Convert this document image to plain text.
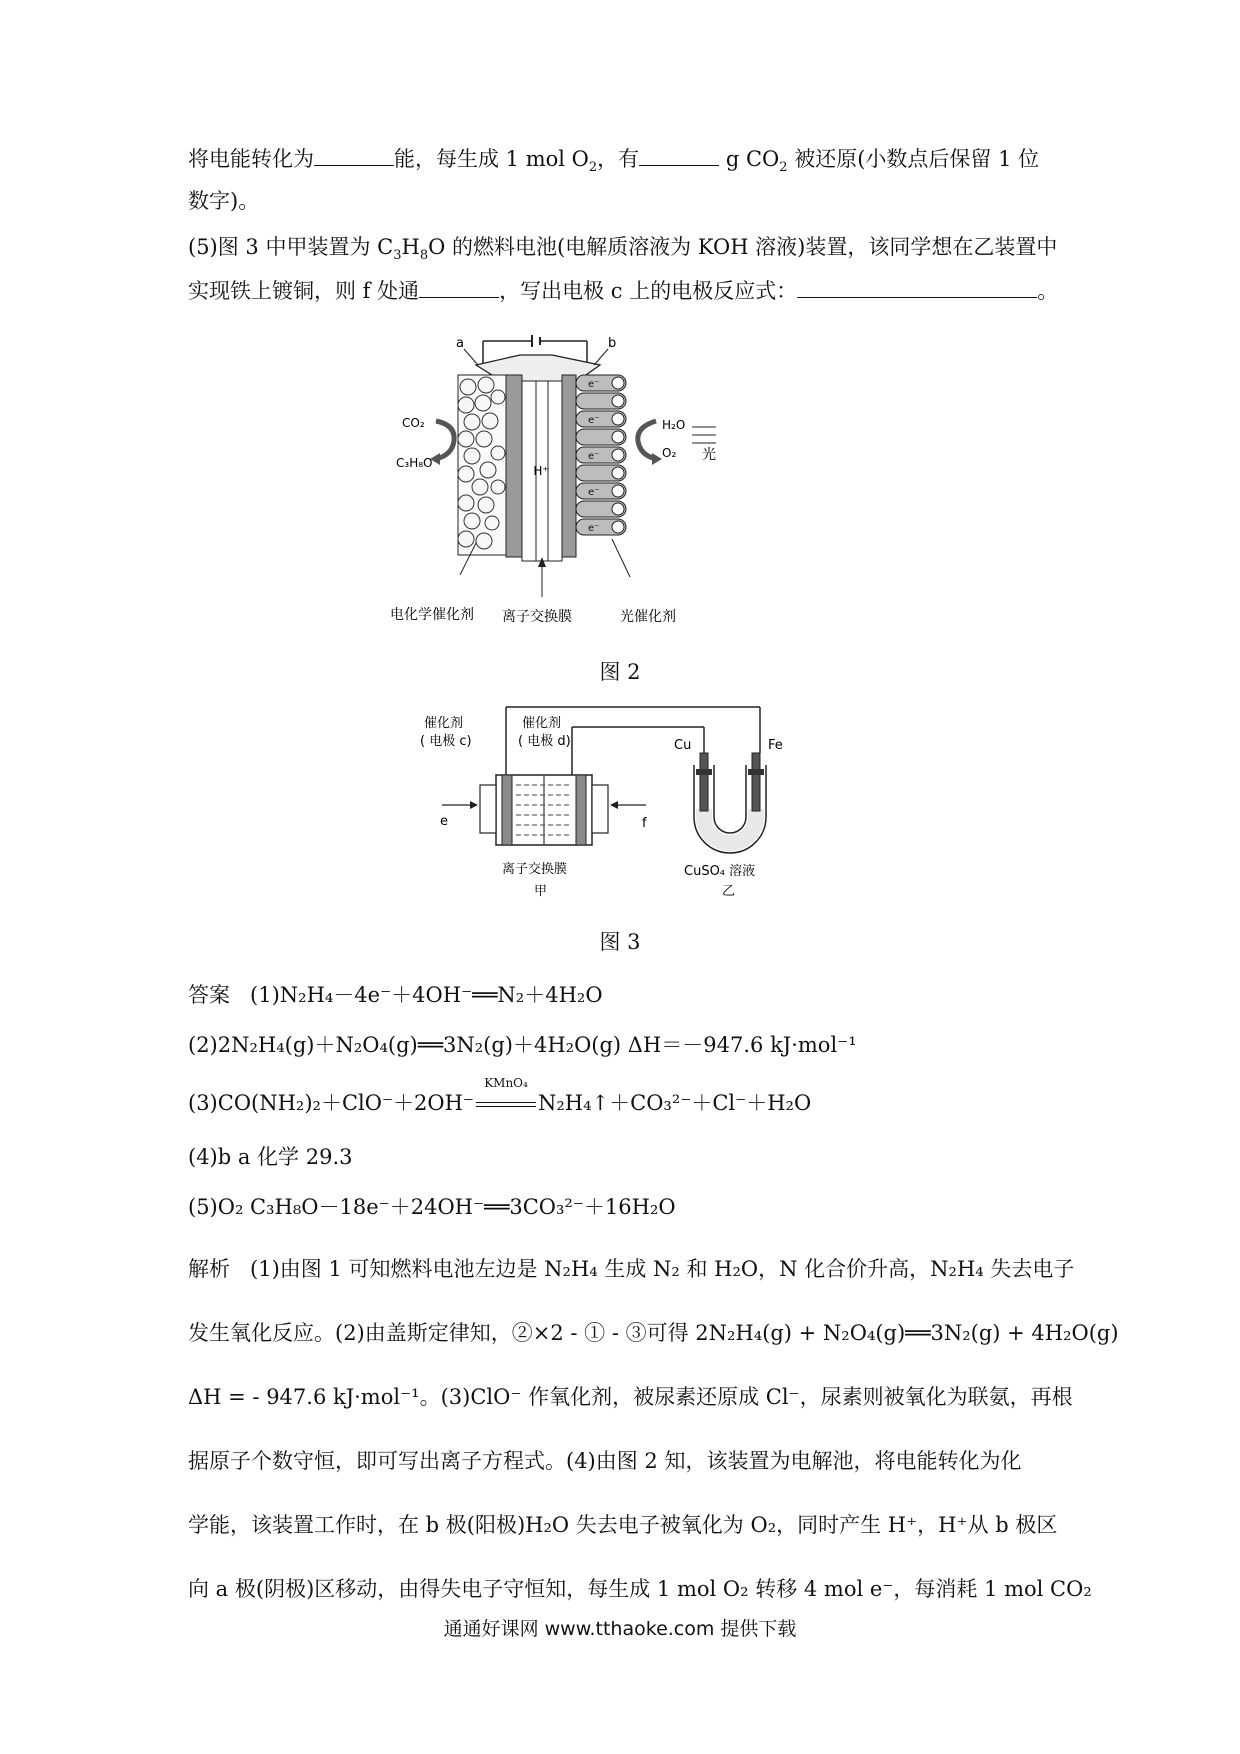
将电能转化为	能，每生成 1 mol $O_2$，有	g $CO_2$ 被还原(小数点后保留 1 位
数字)。
(5)图 3 中甲装置为 $C_3H_8O$ 的燃料电池(电解质溶液为 KOH 溶液)装置，该同学想在乙装置中
实现铁上镀铜，则 f 处通	，写出电极 c 上的电极反应式：	。
H⁺
e⁻
e⁻
e⁻
e⁻
e⁻
a	b
CO₂
C₃H₈O
H₂O
O₂ 光
电化学催化剂 离子交换膜	光催化剂
图 2
e	f
催化剂
( 电极 c)
催化剂
( 电极 d)
离子交换膜
甲
Cu	Fe
CuSO₄ 溶液
乙
图 3
答案 (1)N₂H₄－4e⁻＋4OH⁻══N₂＋4H₂O
(2)2N₂H₄(g)＋N₂O₄(g)══3N₂(g)＋4H₂O(g) ΔH＝－947.6 kJ·mol⁻¹
(3)CO(NH₂)₂＋ClO⁻＋2OH⁻
KMnO₄
N₂H₄↑＋CO₃²⁻＋Cl⁻＋H₂O
(4)b a 化学 29.3
(5)O₂ C₃H₈O－18e⁻＋24OH⁻══3CO₃²⁻＋16H₂O
解析 (1)由图 1 可知燃料电池左边是 N₂H₄ 生成 N₂ 和 H₂O，N 化合价升高，N₂H₄ 失去电子
发生氧化反应。(2)由盖斯定律知，②×2 - ① - ③可得 2N₂H₄(g) + N₂O₄(g)══3N₂(g) + 4H₂O(g)
ΔH = - 947.6 kJ·mol⁻¹。(3)ClO⁻ 作氧化剂，被尿素还原成 Cl⁻，尿素则被氧化为联氨，再根
据原子个数守恒，即可写出离子方程式。(4)由图 2 知，该装置为电解池，将电能转化为化
学能，该装置工作时，在 b 极(阳极)H₂O 失去电子被氧化为 O₂，同时产生 H⁺，H⁺从 b 极区
向 a 极(阴极)区移动，由得失电子守恒知，每生成 1 mol O₂ 转移 4 mol e⁻，每消耗 1 mol CO₂
通通好课网 www.tthaoke.com 提供下载
